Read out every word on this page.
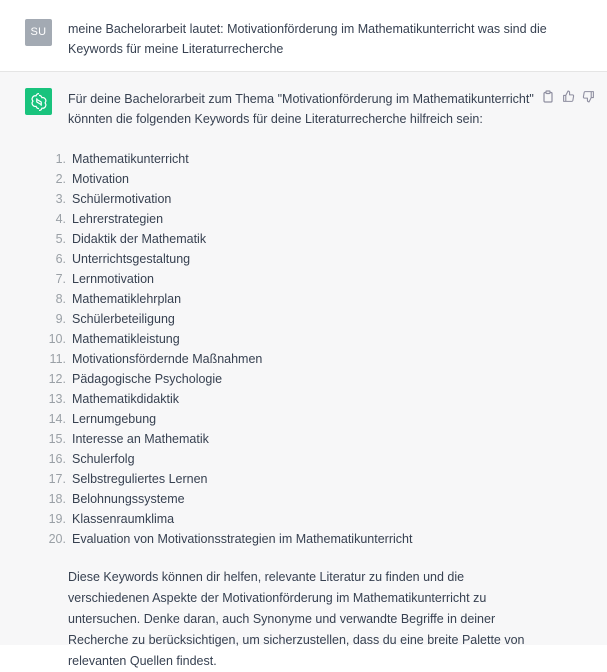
SU	meine Bachelorarbeit lautet: Motivationförderung im Mathematikunterricht was sind die Keywords für meine Literaturrecherche

Für deine Bachelorarbeit zum Thema "Motivationförderung im Mathematikunterricht" könnten die folgenden Keywords für deine Literaturrecherche hilfreich sein:

1. Mathematikunterricht
2. Motivation
3. Schülermotivation
4. Lehrerstrategien
5. Didaktik der Mathematik
6. Unterrichtsgestaltung
7. Lernmotivation
8. Mathematiklehrplan
9. Schülerbeteiligung
10. Mathematikleistung
11. Motivationsfördernde Maßnahmen
12. Pädagogische Psychologie
13. Mathematikdidaktik
14. Lernumgebung
15. Interesse an Mathematik
16. Schulerfolg
17. Selbstreguliertes Lernen
18. Belohnungssysteme
19. Klassenraumklima
20. Evaluation von Motivationsstrategien im Mathematikunterricht

Diese Keywords können dir helfen, relevante Literatur zu finden und die verschiedenen Aspekte der Motivationförderung im Mathematikunterricht zu untersuchen. Denke daran, auch Synonyme und verwandte Begriffe in deiner Recherche zu berücksichtigen, um sicherzustellen, dass du eine breite Palette von relevanten Quellen findest.
